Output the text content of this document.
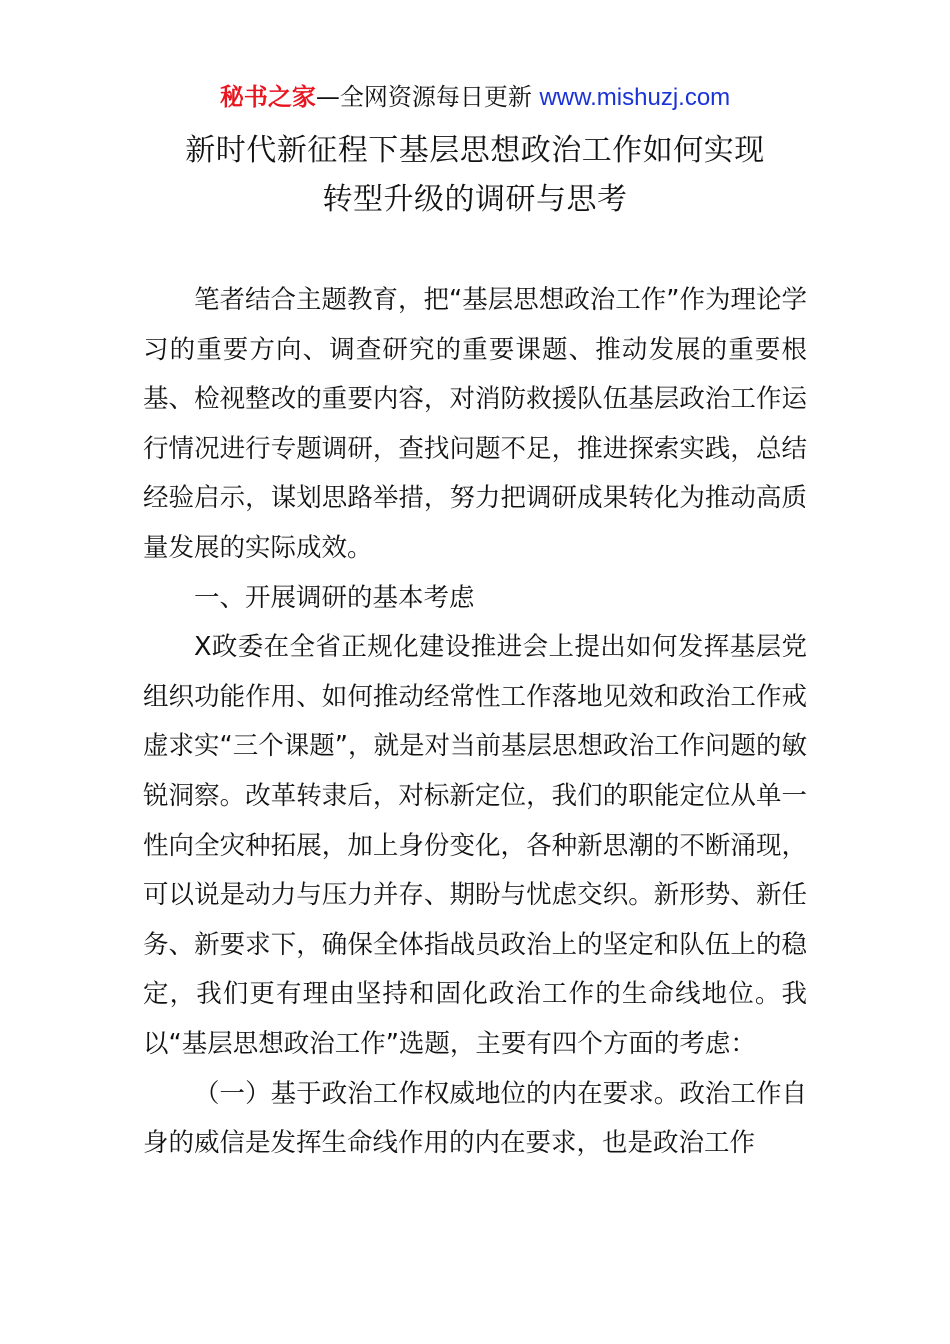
秘书之家—全网资源每日更新 www.mishuzj.com
新时代新征程下基层思想政治工作如何实现
转型升级的调研与思考

笔者结合主题教育，把“基层思想政治工作”作为理论学习的重要方向、调查研究的重要课题、推动发展的重要根基、检视整改的重要内容，对消防救援队伍基层政治工作运行情况进行专题调研，查找问题不足，推进探索实践，总结经验启示，谋划思路举措，努力把调研成果转化为推动高质量发展的实际成效。

一、开展调研的基本考虑

X政委在全省正规化建设推进会上提出如何发挥基层党组织功能作用、如何推动经常性工作落地见效和政治工作戒虚求实“三个课题”，就是对当前基层思想政治工作问题的敏锐洞察。改革转隶后，对标新定位，我们的职能定位从单一性向全灾种拓展，加上身份变化，各种新思潮的不断涌现，可以说是动力与压力并存、期盼与忧虑交织。新形势、新任务、新要求下，确保全体指战员政治上的坚定和队伍上的稳定，我们更有理由坚持和固化政治工作的生命线地位。我以“基层思想政治工作”选题，主要有四个方面的考虑：

（一）基于政治工作权威地位的内在要求。政治工作自身的威信是发挥生命线作用的内在要求，也是政治工作
